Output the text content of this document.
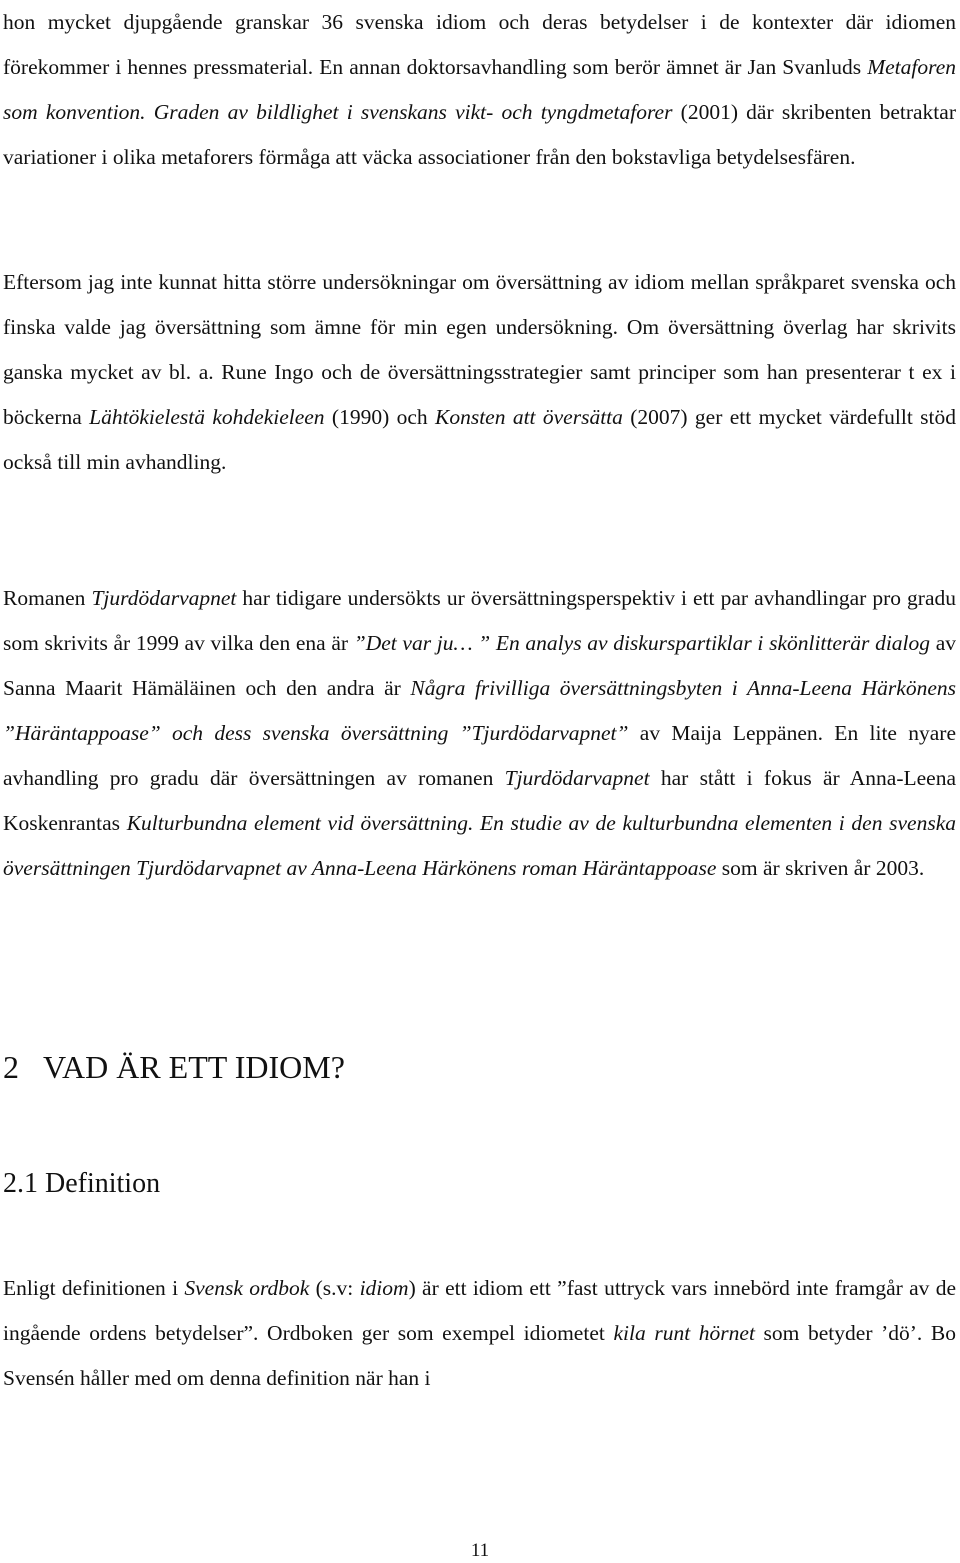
hon mycket djupgående granskar 36 svenska idiom och deras betydelser i de kontexter där idiomen förekommer i hennes pressmaterial. En annan doktorsavhandling som berör ämnet är Jan Svanluds Metaforen som konvention. Graden av bildlighet i svenskans vikt- och tyngdmetaforer (2001) där skribenten betraktar variationer i olika metaforers förmåga att väcka associationer från den bokstavliga betydelsesfären.

Eftersom jag inte kunnat hitta större undersökningar om översättning av idiom mellan språkparet svenska och finska valde jag översättning som ämne för min egen undersökning. Om översättning överlag har skrivits ganska mycket av bl. a. Rune Ingo och de översättningsstrategier samt principer som han presenterar t ex i böckerna Lähtökielestä kohdekieleen (1990) och Konsten att översätta (2007) ger ett mycket värdefullt stöd också till min avhandling.

Romanen Tjurdödarvapnet har tidigare undersökts ur översättningsperspektiv i ett par avhandlingar pro gradu som skrivits år 1999 av vilka den ena är ”Det var ju… ” En analys av diskurspartiklar i skönlitterär dialog av Sanna Maarit Hämäläinen och den andra är Några frivilliga översättningsbyten i Anna-Leena Härkönens ”Häräntappoase” och dess svenska översättning ”Tjurdödarvapnet” av Maija Leppänen. En lite nyare avhandling pro gradu där översättningen av romanen Tjurdödarvapnet har stått i fokus är Anna-Leena Koskenrantas Kulturbundna element vid översättning. En studie av de kulturbundna elementen i den svenska översättningen Tjurdödarvapnet av Anna-Leena Härkönens roman Häräntappoase som är skriven år 2003.

2 VAD ÄR ETT IDIOM?
2.1 Definition

Enligt definitionen i Svensk ordbok (s.v: idiom) är ett idiom ett ”fast uttryck vars innebörd inte framgår av de ingående ordens betydelser”. Ordboken ger som exempel idiometet kila runt hörnet som betyder ’dö’. Bo Svensén håller med om denna definition när han i

11
